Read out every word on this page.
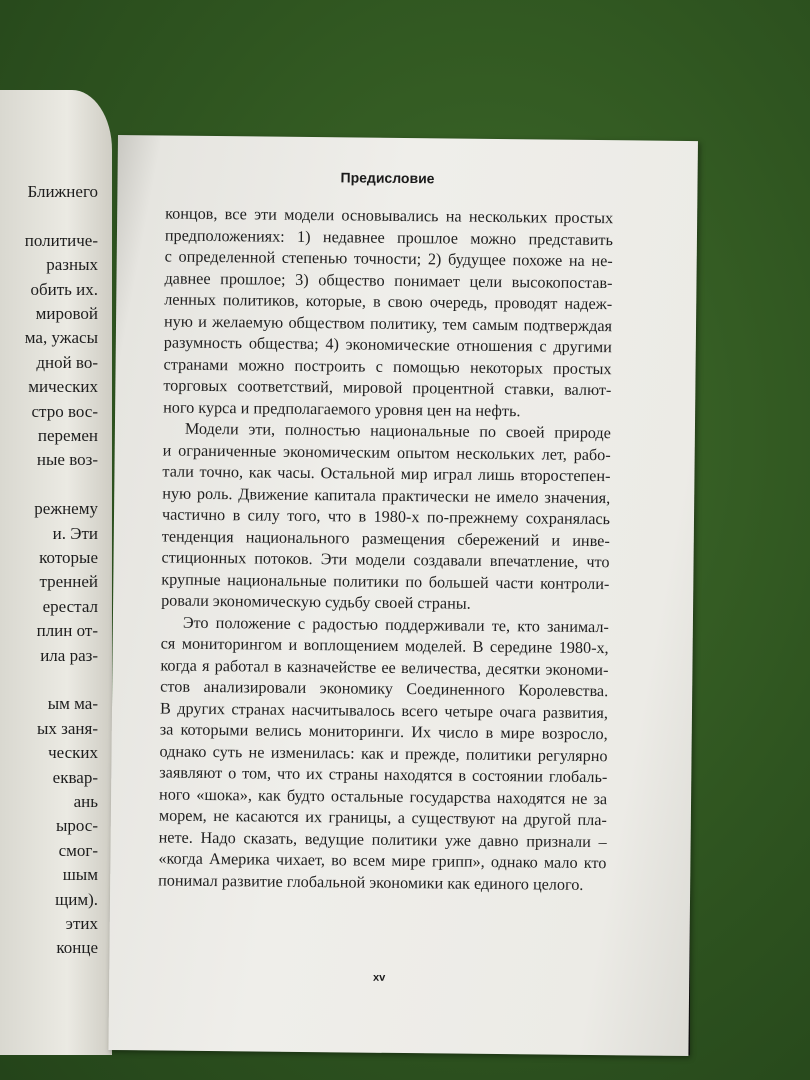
Ближнего
политиче-
разных
обить их.
мировой
ма, ужасы
дной во-
мических
стро вос-
перемен
ные воз-
режнему
и. Эти
которые
тренней
ерестал
плин от-
ила раз-
ым ма-
ых заня-
ческих
еквар-
ань
ырос-
смог-
шым
щим).
этих
конце
Предисловие
концов, все эти модели основывались на нескольких простых
предположениях: 1) недавнее прошлое можно представить
с определенной степенью точности; 2) будущее похоже на не-
давнее прошлое; 3) общество понимает цели высокопостав-
ленных политиков, которые, в свою очередь, проводят надеж-
ную и желаемую обществом политику, тем самым подтверждая
разумность общества; 4) экономические отношения с другими
странами можно построить с помощью некоторых простых
торговых соответствий, мировой процентной ставки, валют-
ного курса и предполагаемого уровня цен на нефть.
Модели эти, полностью национальные по своей природе
и ограниченные экономическим опытом нескольких лет, рабо-
тали точно, как часы. Остальной мир играл лишь второстепен-
ную роль. Движение капитала практически не имело значения,
частично в силу того, что в 1980-х по-прежнему сохранялась
тенденция национального размещения сбережений и инве-
стиционных потоков. Эти модели создавали впечатление, что
крупные национальные политики по большей части контроли-
ровали экономическую судьбу своей страны.
Это положение с радостью поддерживали те, кто занимал-
ся мониторингом и воплощением моделей. В середине 1980-х,
когда я работал в казначействе ее величества, десятки экономи-
стов анализировали экономику Соединенного Королевства.
В других странах насчитывалось всего четыре очага развития,
за которыми велись мониторинги. Их число в мире возросло,
однако суть не изменилась: как и прежде, политики регулярно
заявляют о том, что их страны находятся в состоянии глобаль-
ного «шока», как будто остальные государства находятся не за
морем, не касаются их границы, а существуют на другой пла-
нете. Надо сказать, ведущие политики уже давно признали –
«когда Америка чихает, во всем мире грипп», однако мало кто
понимал развитие глобальной экономики как единого целого.
xv
